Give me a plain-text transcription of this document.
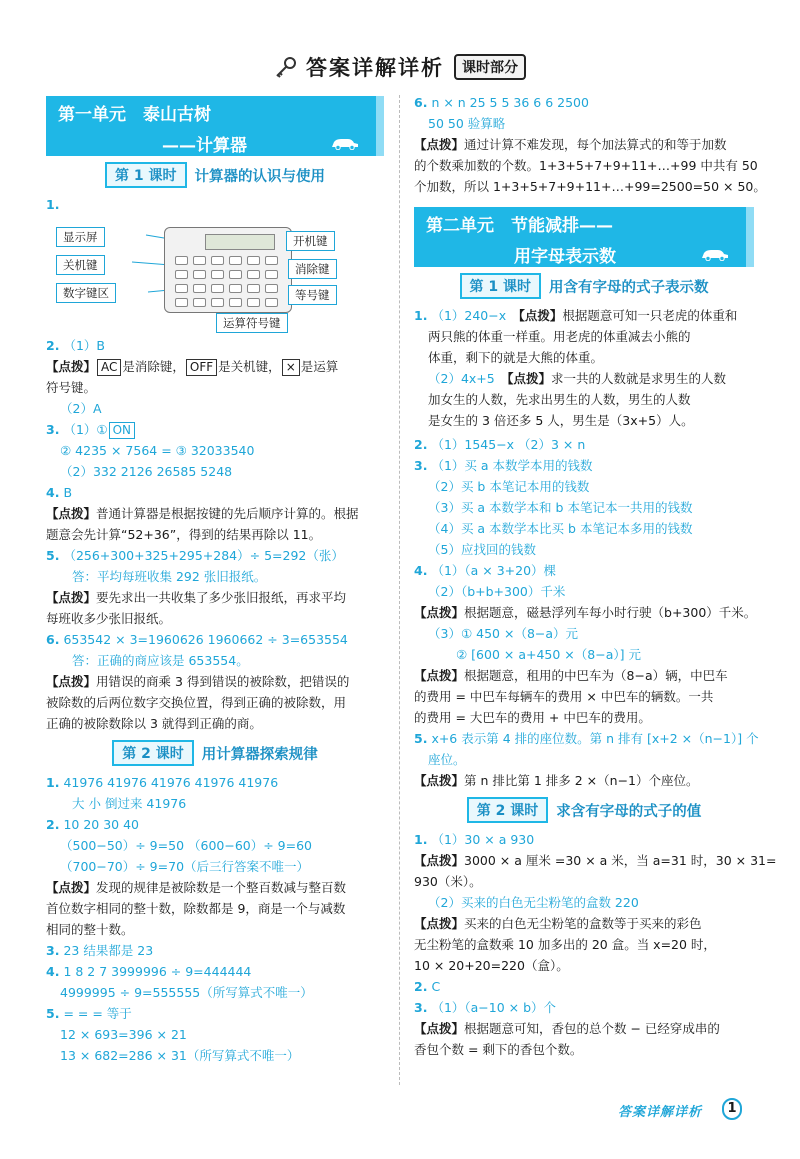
答案详解详析 课时部分
第一单元　泰山古树
——计算器
第 1 课时 计算器的认识与使用
1.
显示屏
关机键
数字键区
开机键
消除键
等号键
运算符号键
2. （1）B
【点拨】 AC 是消除键， OFF 是关机键， × 是运算
符号键。
（2）A
3. （1）① ON
② 4235 × 7564 = ③ 32033540
（2）332 2126 26585 5248
4. B
【点拨】普通计算器是根据按键的先后顺序计算的。根据
题意会先计算“52+36”，得到的结果再除以 11。
5. （256+300+325+295+284）÷ 5=292（张）
答：平均每班收集 292 张旧报纸。
【点拨】要先求出一共收集了多少张旧报纸，再求平均
每班收多少张旧报纸。
6. 653542 × 3=1960626 1960662 ÷ 3=653554
答：正确的商应该是 653554。
【点拨】用错误的商乘 3 得到错误的被除数，把错误的
被除数的后两位数字交换位置，得到正确的被除数，用
正确的被除数除以 3 就得到正确的商。
第 2 课时 用计算器探索规律
1. 41976 41976 41976 41976 41976
大 小 倒过来 41976
2. 10 20 30 40
（500−50）÷ 9=50 （600−60）÷ 9=60
（700−70）÷ 9=70（后三行答案不唯一）
【点拨】发现的规律是被除数是一个整百数减与整百数
首位数字相同的整十数，除数都是 9，商是一个与减数
相同的整十数。
3. 23 结果都是 23
4. 1 8 2 7 3999996 ÷ 9=444444
4999995 ÷ 9=555555（所写算式不唯一）
5. = = = 等于
12 × 693=396 × 21
13 × 682=286 × 31（所写算式不唯一）
6. n × n 25 5 5 36 6 6 2500
50 50 验算略
【点拨】通过计算不难发现，每个加法算式的和等于加数
的个数乘加数的个数。1+3+5+7+9+11+…+99 中共有 50
个加数，所以 1+3+5+7+9+11+…+99=2500=50 × 50。
第二单元　节能减排——
用字母表示数
第 1 课时 用含有字母的式子表示数
1. （1）240−x　 【点拨】根据题意可知一只老虎的体重和
两只熊的体重一样重。用老虎的体重减去小熊的
体重，剩下的就是大熊的体重。
（2）4x+5　 【点拨】求一共的人数就是求男生的人数
加女生的人数，先求出男生的人数，男生的人数
是女生的 3 倍还多 5 人，男生是（3x+5）人。
2. （1）1545−x （2）3 × n
3. （1）买 a 本数学本用的钱数
（2）买 b 本笔记本用的钱数
（3）买 a 本数学本和 b 本笔记本一共用的钱数
（4）买 a 本数学本比买 b 本笔记本多用的钱数
（5）应找回的钱数
4. （1）（a × 3+20）棵
（2）（b+b+300）千米
【点拨】根据题意，磁悬浮列车每小时行驶（b+300）千米。
（3）① 450 ×（8−a）元
② [600 × a+450 ×（8−a）] 元
【点拨】根据题意，租用的中巴车为（8−a）辆，中巴车
的费用 = 中巴车每辆车的费用 × 中巴车的辆数。一共
的费用 = 大巴车的费用 + 中巴车的费用。
5. x+6 表示第 4 排的座位数。第 n 排有 [x+2 ×（n−1）] 个
座位。
【点拨】第 n 排比第 1 排多 2 ×（n−1）个座位。
第 2 课时 求含有字母的式子的值
1. （1）30 × a 930
【点拨】3000 × a 厘米 =30 × a 米，当 a=31 时，30 × 31=
930（米）。
（2）买来的白色无尘粉笔的盒数 220
【点拨】买来的白色无尘粉笔的盒数等于买来的彩色
无尘粉笔的盒数乘 10 加多出的 20 盒。当 x=20 时，
10 × 20+20=220（盒）。
2. C
3. （1）（a−10 × b）个
【点拨】根据题意可知，香包的总个数 − 已经穿成串的
香包个数 = 剩下的香包个数。
答案详解详析	1
